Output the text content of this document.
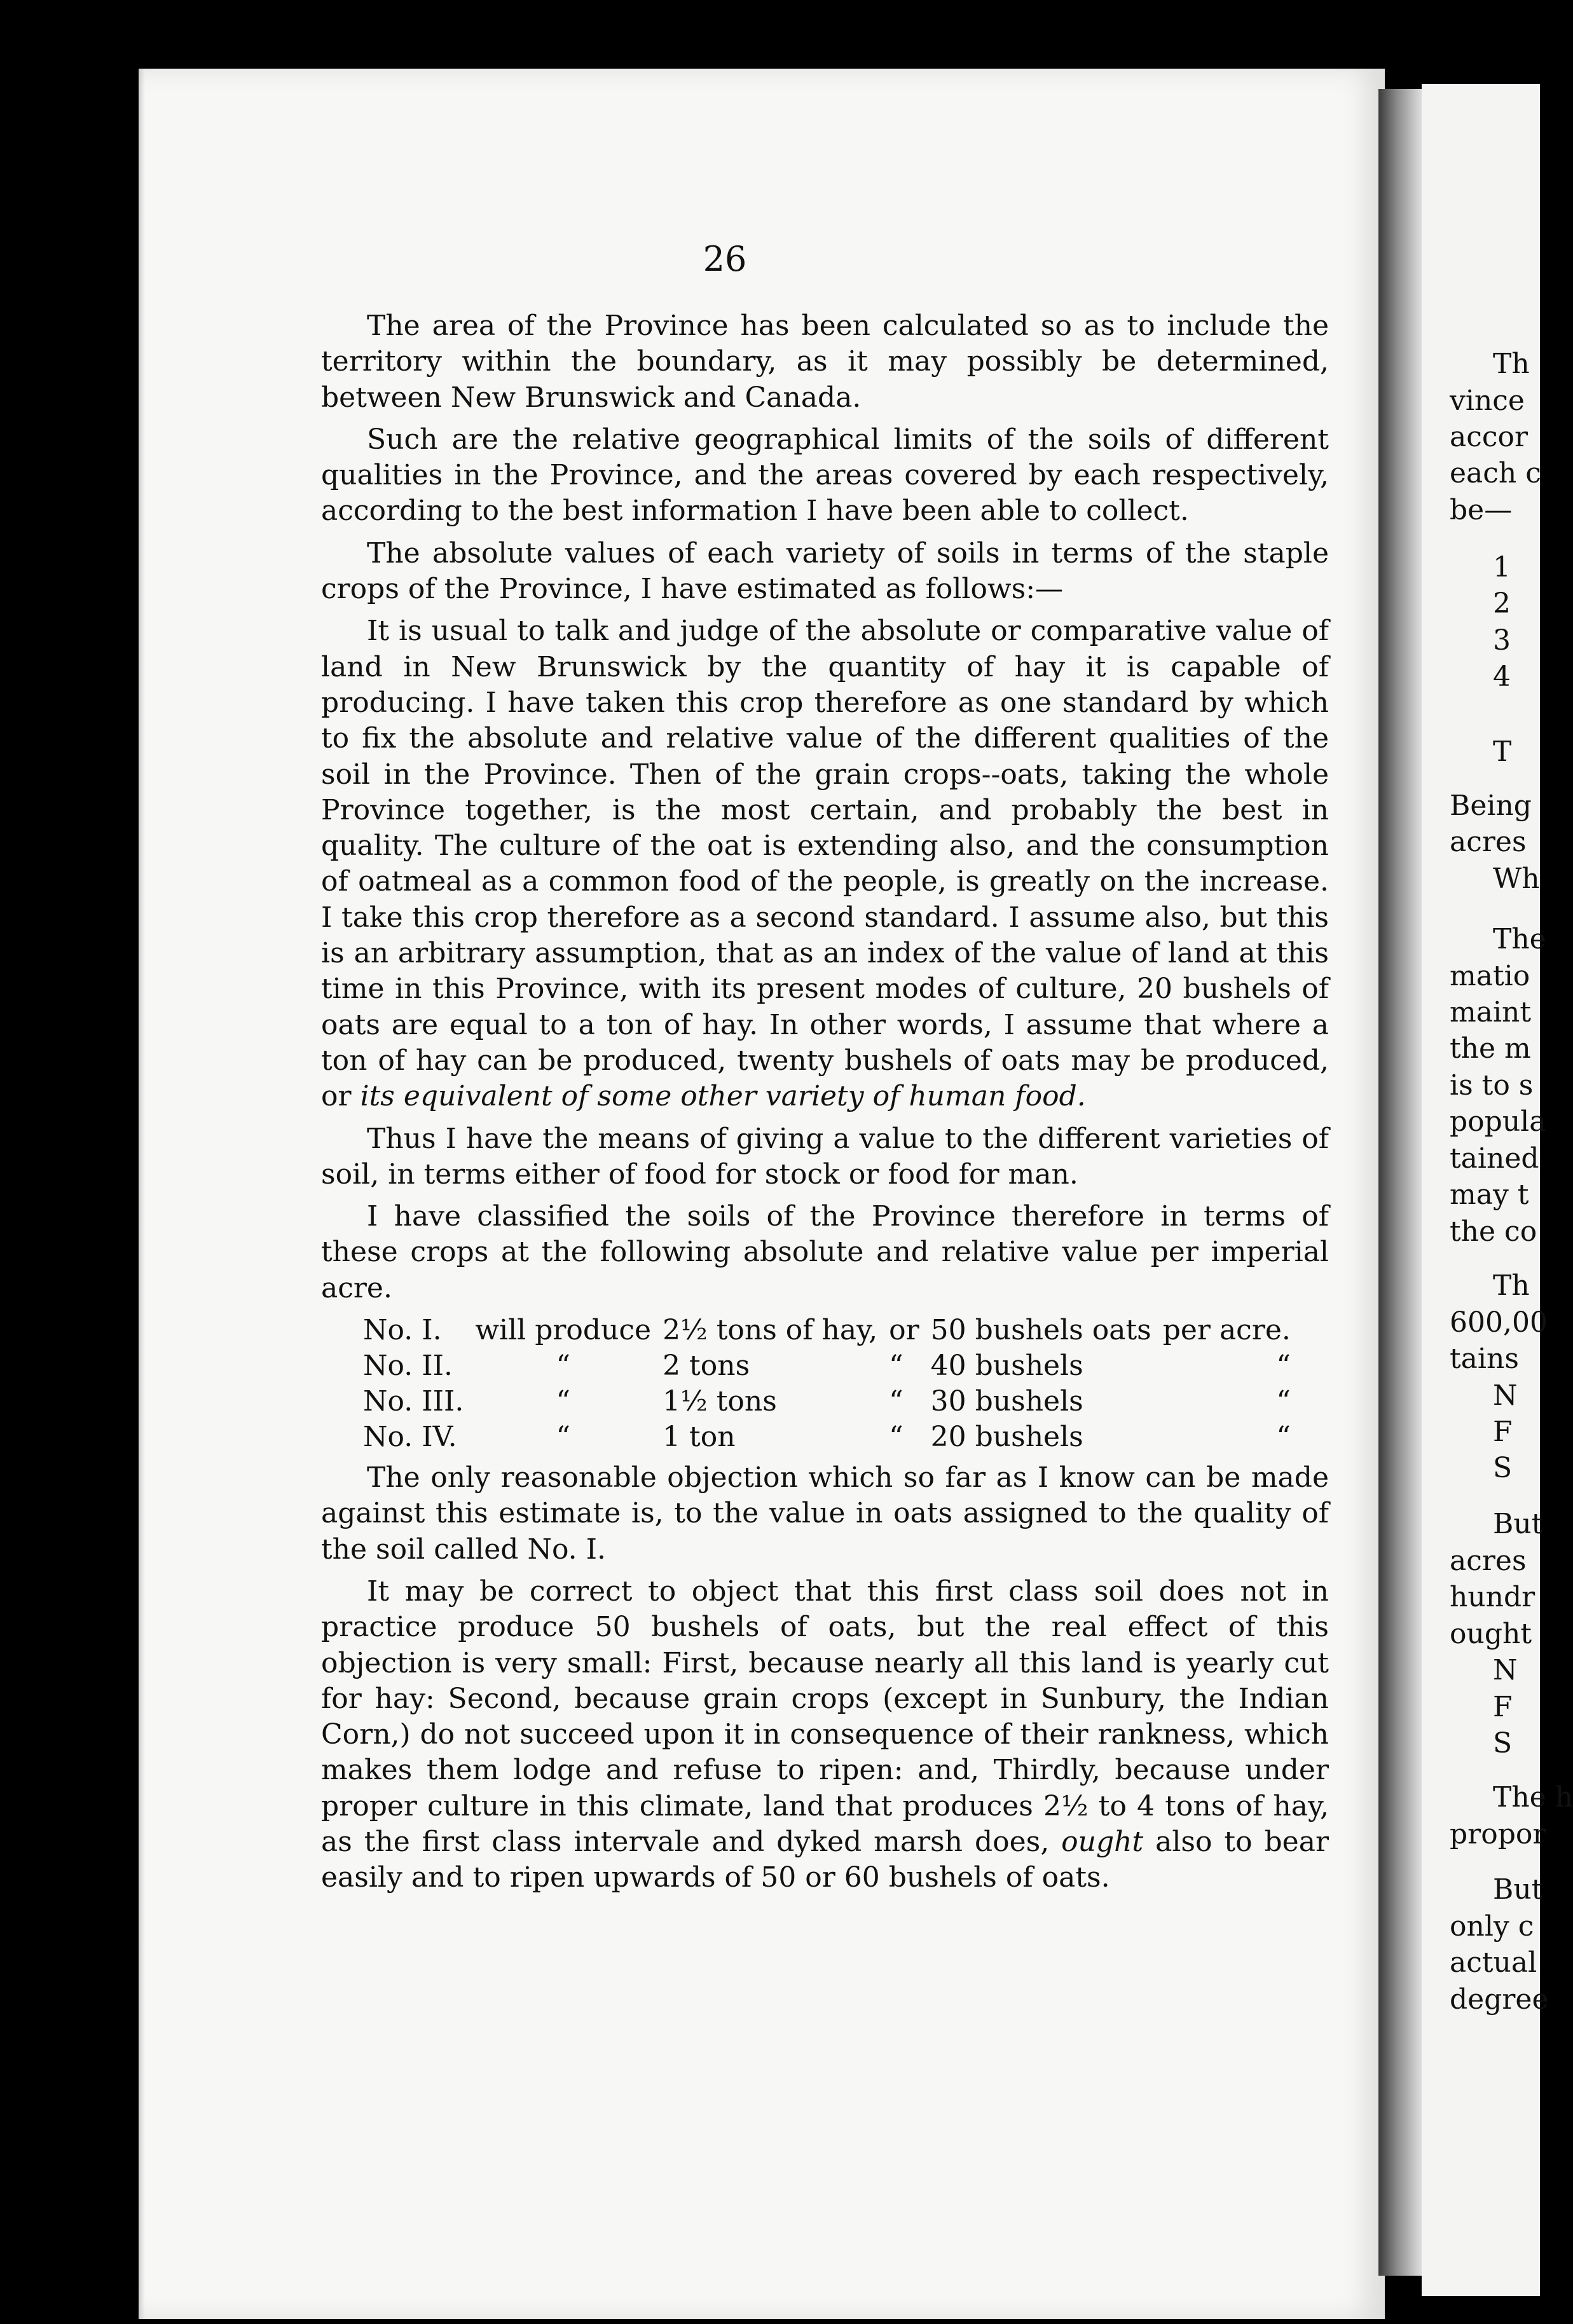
Th
vince
accor
each c
be—
1
2
3
4
T
Being
acres
Wh
The
matio
maint
the m
is to s
popula
tained
may t
the co
Th
600,00
tains
N
F
S
But
acres
hundr
ought
N
F
S
The h
propor
But
only c
actual
degree
26

The area of the Province has been calculated so as to include the territory within the boundary, as it may possibly be determined, between New Brunswick and Canada.

Such are the relative geographical limits of the soils of different qualities in the Province, and the areas covered by each respectively, according to the best information I have been able to collect.

The absolute values of each variety of soils in terms of the staple crops of the Province, I have estimated as follows:—

It is usual to talk and judge of the absolute or comparative value of land in New Brunswick by the quantity of hay it is capable of producing. I have taken this crop therefore as one standard by which to fix the absolute and relative value of the different qualities of the soil in the Province. Then of the grain crops--oats, taking the whole Province together, is the most certain, and probably the best in quality. The culture of the oat is extending also, and the consumption of oatmeal as a common food of the people, is greatly on the increase. I take this crop therefore as a second standard. I assume also, but this is an arbitrary assumption, that as an index of the value of land at this time in this Province, with its present modes of culture, 20 bushels of oats are equal to a ton of hay. In other words, I assume that where a ton of hay can be produced, twenty bushels of oats may be produced, or its equivalent of some other variety of human food.

Thus I have the means of giving a value to the different varieties of soil, in terms either of food for stock or food for man.

I have classified the soils of the Province therefore in terms of these crops at the following absolute and relative value per imperial acre.

No. I.	will produce	2½ tons of hay,	or	50 bushels oats	per acre.
No. II.	“	2 tons	“	40 bushels	“
No. III.	“	1½ tons	“	30 bushels	“
No. IV.	“	1 ton	“	20 bushels	“

The only reasonable objection which so far as I know can be made against this estimate is, to the value in oats assigned to the quality of the soil called No. I.

It may be correct to object that this first class soil does not in practice produce 50 bushels of oats, but the real effect of this objection is very small: First, because nearly all this land is yearly cut for hay: Second, because grain crops (except in Sunbury, the Indian Corn,) do not succeed upon it in consequence of their rankness, which makes them lodge and refuse to ripen: and, Thirdly, because under proper culture in this climate, land that produces 2½ to 4 tons of hay, as the first class intervale and dyked marsh does, ought also to bear easily and to ripen upwards of 50 or 60 bushels of oats.
